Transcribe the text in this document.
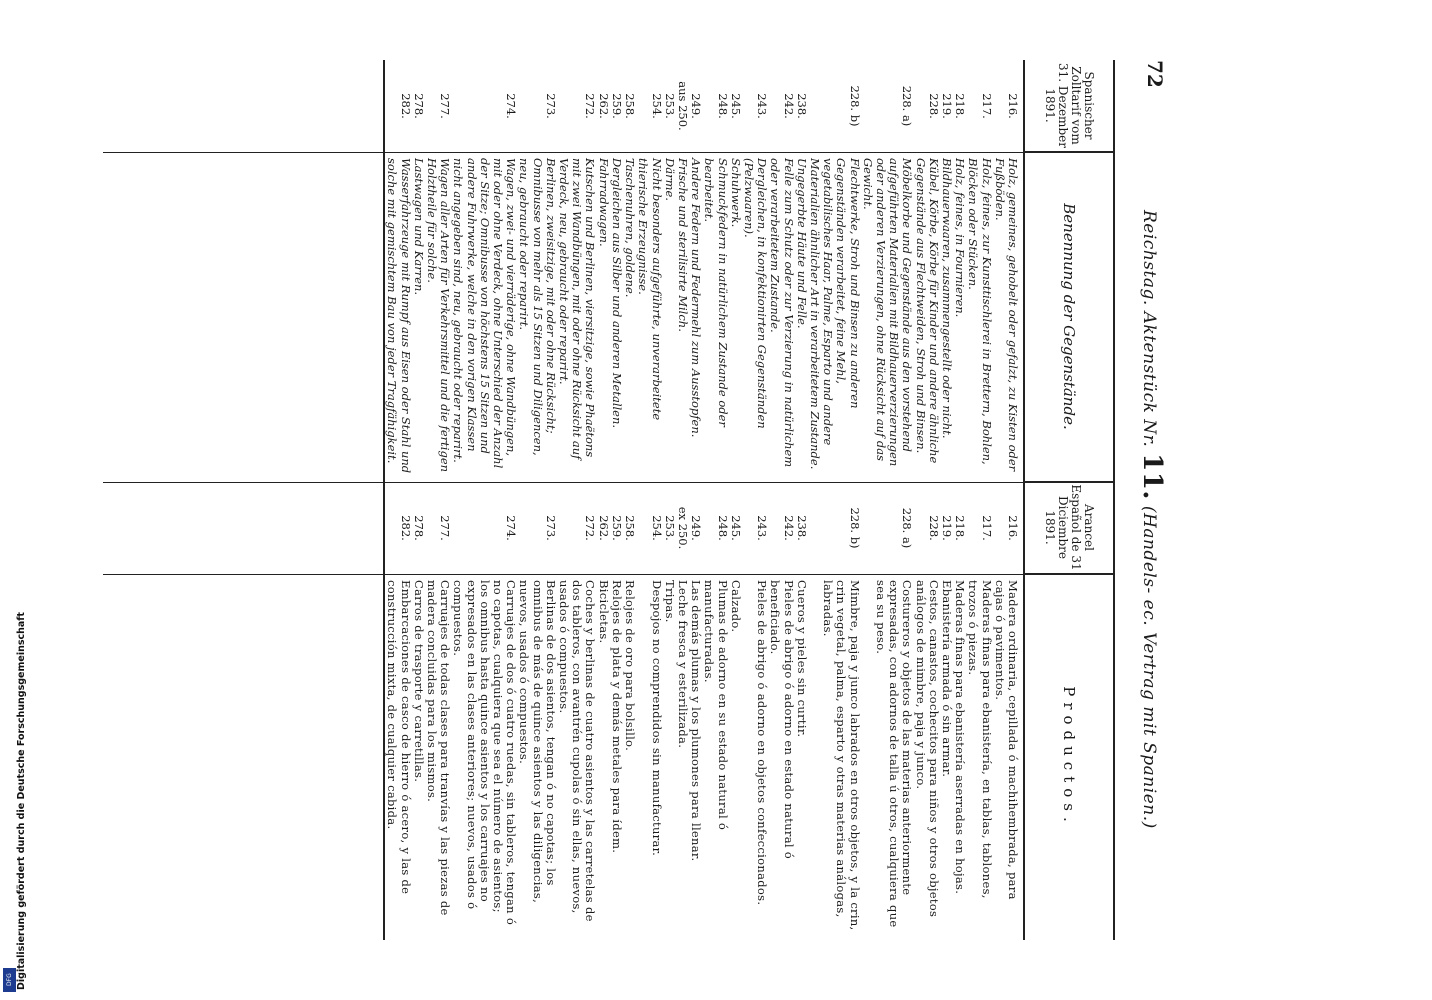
72
Reichstag. Aktenstück Nr. 11. (Handels- ec. Vertrag mit Spanien.)
Spanischer Zolltarif vom 31. Dezember 1891.
Benennung der Gegenstände.
Arancel Español de 31 Diciembre 1891.
Productos.
216.
Holz, gemeines, gehobelt oder gefalzt, zu Kisten oder Fußböden.
216.
Madera ordinaria, cepillada ó machihembrada, para cajas ó pavimentos.
217.
Holz, feines, zur Kunsttischlerei in Brettern, Bohlen, Blöcken oder Stücken.
217.
Maderas finas para ebanistería, en tablas, tablones, trozos ó piezas.
218.
Holz, feines, in Fournieren.
218.
Maderas finas para ebanistería aserradas en hojas.
219.
Bildhauerwaaren, zusammengestellt oder nicht.
219.
Ebanistería armada ó sin armar.
228.
Kübel, Körbe, Körbe für Kinder und andere ähnliche Gegenstände aus Flechtweiden, Stroh und Binsen.
228.
Cestos, canastos, cochecitos para niños y otros objetos análogos de mimbre, paja y junco.
228. a)
Möbelkorbe und Gegenstände aus den vorstehend aufgeführten Materialien mit Bildhauerverzierungen oder anderen Verzierungen, ohne Rücksicht auf das Gewicht.
228. a)
Costureros y objetos de las materias anteriormente expresadas, con adornos de talla ú otros, cualquiera que sea su peso.
228. b)
Flechtwerke, Stroh und Binsen zu anderen Gegenständen verarbeitet, feine Mehl, vegetabilisches Haar, Palme, Esparto und andere Materialien ähnlicher Art in verarbeitetem Zustande.
228. b)
Mimbre, paja y junco labrados en otros objetos, y la crin, crin vegetal, palma, esparto y otras materias análogas, labradas.
238.
Ungegerbte Häute und Felle.
238.
Cueros y pieles sin curtir.
242.
Felle zum Schutz oder zur Verzierung in natürlichem oder verarbeitetem Zustande.
242.
Pieles de abrigo ó adorno en estado natural ó beneficiado.
243.
Dergleichen, in konfektionirten Gegenständen (Pelzwaaren).
243.
Pieles de abrigo ó adorno en objetos confeccionados.
245.
Schuhwerk.
245.
Calzado.
248.
Schmuckfedern in natürlichem Zustande oder bearbeitet.
248.
Plumas de adorno en su estado natural ó manufacturadas.
249.
Andere Federn und Federmehl zum Ausstopfen.
249.
Las demás plumas y los plumones para llenar.
aus 250.
Frische und sterilisirte Milch.
ex 250.
Leche fresca y esterilizada.
253.
Därme.
253.
Tripas.
254.
Nicht besonders aufgeführte, unverarbeitete thierische Erzeugnisse.
254.
Despojos no comprendidos sin manufacturar.
258.
Taschenuhren, goldene.
258.
Relojes de oro para bolsillo.
259.
Dergleichen aus Silber und anderen Metallen.
259.
Relojes de plata y demás metales para ídem.
262.
Fahrradwagen.
262.
Bicicletas.
272.
Kutschen und Berlinen, viersitzige, sowie Phaëtons mit zwei Wandbüngen, mit oder ohne Rücksicht auf Verdeck, neu, gebraucht oder reparirt.
272.
Coches y berlinas de cuatro asientos y las carretelas de dos tableros, con avantrén cupolas ó sin ellas, nuevos, usados ó compuestos.
273.
Berlinen, zweisitzige, mit oder ohne Rücksicht; Omnibusse von mehr als 15 Sitzen und Diligencen, neu, gebraucht oder reparirt.
273.
Berlinas de dos asientos, tengan ó no capotas; los omnibus de más de quince asientos y las diligencias, nuevos, usados ó compuestos.
274.
Wagen, zwei- und vierräderige, ohne Wandbüngen, mit oder ohne Verdeck, ohne Unterschied der Anzahl der Sitze; Omnibusse von höchstens 15 Sitzen und andere Fuhrwerke, welche in den vorigen Klassen nicht angegeben sind, neu, gebraucht oder reparirt.
274.
Carruajes de dos ó cuatro ruedas, sin tableros, tengan ó no capotas, cualquiera que sea el número de asientos; los omnibus hasta quince asientos y los carruajes no expresados en las clases anteriores; nuevos, usados ó compuestos.
277.
Wagen aller Arten für Verkehrsmittel und die fertigen Holztheile für solche.
277.
Carruajes de todas clases para tranvías y las piezas de madera concluidas para los mismos.
278.
Lastwagen und Karren.
278.
Carros de trasporte y carretillas.
282.
Wasserfahrzeuge mit Rumpf aus Eisen oder Stahl und solche mit gemischtem Bau von jeder Tragfähigkeit.
282.
Embarcaciones de casco de hierro ó acero, y las de construcción mixta, de cualquier cabida.
Digitalisierung gefördert durch die Deutsche Forschungsgemeinschaft
DFG
